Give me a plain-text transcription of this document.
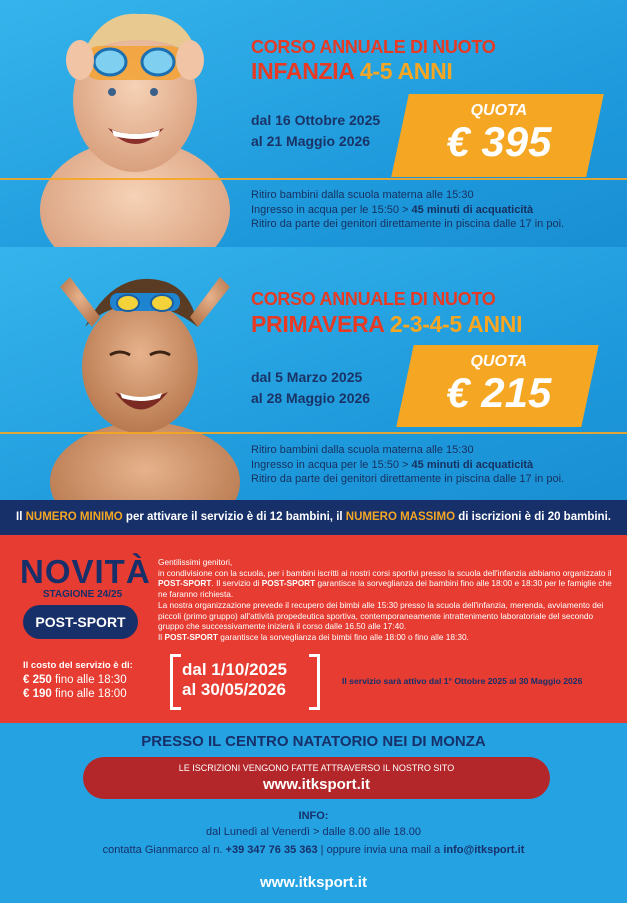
CORSO ANNUALE DI NUOTO
INFANZIA 4-5 ANNI
dal 16 Ottobre 2025
al 21 Maggio 2026
QUOTA
€ 395
Ritiro bambini dalla scuola materna alle 15:30
Ingresso in acqua per le 15:50 > 45 minuti di acquaticità
Ritiro da parte dei genitori direttamente in piscina dalle 17 in poi.
CORSO ANNUALE DI NUOTO
PRIMAVERA 2-3-4-5 ANNI
dal 5 Marzo 2025
al 28 Maggio 2026
QUOTA
€ 215
Ritiro bambini dalla scuola materna alle 15:30
Ingresso in acqua per le 15:50 > 45 minuti di acquaticità
Ritiro da parte dei genitori direttamente in piscina dalle 17 in poi.
Il NUMERO MINIMO per attivare il servizio è di 12 bambini, il NUMERO MASSIMO di iscrizioni è di 20 bambini.
NOVITÀ
STAGIONE 24/25
POST-SPORT
Il costo del servizio è di:
€ 250 fino alle 18:30
€ 190 fino alle 18:00
dal 1/10/2025
al 30/05/2026	Il servizio sarà attivo dal 1° Ottobre 2025 al 30 Maggio 2026
Gentilissimi genitori,
in condivisione con la scuola, per i bambini iscritti ai nostri corsi sportivi presso la scuola dell'infanzia abbiamo organizzato il POST-SPORT. Il servizio di POST-SPORT garantisce la sorveglianza dei bambini fino alle 18:00 e 18:30 per le famiglie che ne faranno richiesta.
La nostra organizzazione prevede il recupero dei bimbi alle 15:30 presso la scuola dell'infanzia, merenda, avviamento dei piccoli (primo gruppo) all'attività propedeutica sportiva, contemporaneamente intrattenimento laboratoriale del secondo gruppo che successivamente inizierà il corso dalle 16.50 alle 17:40.
Il POST-SPORT garantisce la sorveglianza dei bimbi fino alle 18:00 o fino alle 18:30.
PRESSO IL CENTRO NATATORIO NEI DI MONZA
LE ISCRIZIONI VENGONO FATTE ATTRAVERSO IL NOSTRO SITO
www.itksport.it
INFO:
dal Lunedì al Venerdì > dalle 8.00 alle 18.00
contatta Gianmarco al n. +39 347 76 35 363 | oppure invia una mail a info@itksport.it
www.itksport.it
